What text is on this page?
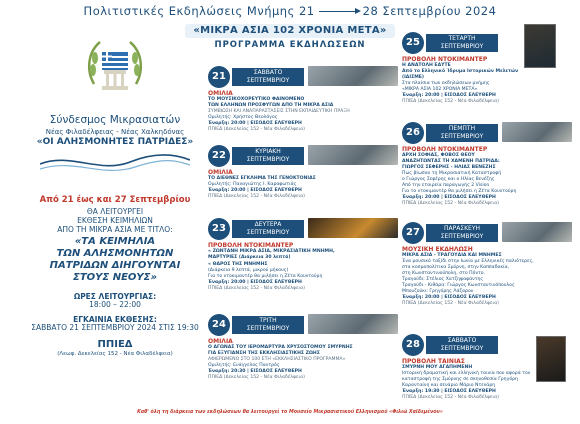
Πολιτιστικές Εκδηλώσεις Μνήμης 21	28 Σεπτεμβρίου 2024
«ΜΙΚΡΑ ΑΣΙΑ 102 ΧΡΟΝΙΑ ΜΕΤΑ»
ΠΡΟΓΡΑΜΜΑ ΕΚΔΗΛΩΣΕΩΝ
Σύνδεσμος Μικρασιατών
Νέας Φιλαδέλφειας - Νέας Χαλκηδόνας
«ΟΙ ΑΛΗΣΜΟΝΗΤΕΣ ΠΑΤΡΙΔΕΣ»
Από 21 έως και 27 Σεπτεμβρίου
ΘΑ ΛΕΙΤΟΥΡΓΕΙ
ΕΚΘΕΣΗ ΚΕΙΜΗΛΙΩΝ
ΑΠΟ ΤΗ ΜΙΚΡΑ ΑΣΙΑ ΜΕ ΤΙΤΛΟ:
«ΤΑ ΚΕΙΜΗΛΙΑ
ΤΩΝ ΑΛΗΣΜΟΝΗΤΩΝ
ΠΑΤΡΙΔΩΝ ΔΙΗΓΟΥΝΤΑΙ
ΣΤΟΥΣ ΝΕΟΥΣ»
ΩΡΕΣ ΛΕΙΤΟΥΡΓΙΑΣ:
18:00 – 22:00
ΕΓΚΑΙΝΙΑ ΕΚΘΕΣΗΣ:
ΣΑΒΒΑΤΟ 21 ΣΕΠΤΕΜΒΡΙΟΥ 2024 ΣΤΙΣ 19:30
ΠΠΙΕΔ
(Λεωφ. Δεκελείας 152 - Νέα Φιλαδέλφεια)
21	ΣΑΒΒΑΤΟ
ΣΕΠΤΕΜΒΡΙΟΥ
ΟΜΙΛΙΑ
ΤΟ ΜΟΥΣΙΚΟΧΟΡΕΥΤΙΚΟ ΦΑΙΝΟΜΕΝΟ
ΤΩΝ ΕΛΛΗΝΩΝ ΠΡΟΣΦΥΓΩΝ ΑΠΟ ΤΗ ΜΙΚΡΑ ΑΣΙΑ
ΣΥΜΒΙΩΣΗ ΚΑΙ ΑΝΑΠΑΡΑΣΤΑΣΕΙΣ ΣΤΗΝ ΕΚΠΑΙΔΕΥΤΙΚΗ ΠΡΑΞΗ
Ομιλητής: Χρήστος Θεολόγος
Έναρξη: 20:00 | ΕΙΣΟΔΟΣ ΕΛΕΥΘΕΡΗ
ΠΠΙΕΔ (Δεκελείας 152 - Νέα Φιλαδέλφεια)
22	ΚΥΡΙΑΚΗ
ΣΕΠΤΕΜΒΡΙΟΥ
ΟΜΙΛΙΑ
ΤΟ ΔΙΕΘΝΕΣ ΕΓΚΛΗΜΑ ΤΗΣ ΓΕΝΟΚΤΟΝΙΑΣ
Ομιλητής: Παναγιώτης Ι. Καραφωτιάς
Έναρξη: 20:00 | ΕΙΣΟΔΟΣ ΕΛΕΥΘΕΡΗ
ΠΠΙΕΔ (Δεκελείας 152 - Νέα Φιλαδέλφεια)
23	ΔΕΥΤΕΡΑ
ΣΕΠΤΕΜΒΡΙΟΥ
ΠΡΟΒΟΛΗ ΝΤΟΚΙΜΑΝΤΕΡ
« ΖΩΝΤΑΝΗ ΜΙΚΡΑ ΑΣΙΑ, ΜΙΚΡΑΣΙΑΤΙΚΗ ΜΝΗΜΗ,
ΜΑΡΤΥΡΙΕΣ (Διάρκεια 30 λεπτά)
« ΘΑΡΟΣ ΤΗΣ ΜΝΗΜΗΣ
(Διάρκεια 9 λεπτά, μικρού μήκους)
Για το ντοκιμαντέρ θα μιλήσει η Ζέτα Κουντούρη
Έναρξη: 20:00 | ΕΙΣΟΔΟΣ ΕΛΕΥΘΕΡΗ
ΠΠΙΕΔ (Δεκελείας 152 - Νέα Φιλαδέλφεια)
24	ΤΡΙΤΗ
ΣΕΠΤΕΜΒΡΙΟΥ
ΟΜΙΛΙΑ
Ο ΑΓΩΝΑΣ ΤΟΥ ΙΕΡΟΜΑΡΤΥΡΑ ΧΡΥΣΟΣΤΟΜΟΥ ΣΜΥΡΝΗΣ
ΓΙΑ ΕΞΥΓΙΑΝΣΗ ΤΗΣ ΕΚΚΛΗΣΙΑΣΤΙΚΗΣ ΖΩΗΣ
ΑΦΙΕΡΩΜΕΝΟ ΣΤΟ 100 ΕΤΗ «ΕΚΚΛΗΣΙΑΣΤΙΚΟ ΠΡΟΓΡΑΜΜΑ»
Ομιλητής: Ευάγγελος Παντρός
Έναρξη: 20:30 | ΕΙΣΟΔΟΣ ΕΛΕΥΘΕΡΗ
ΠΠΙΕΔ (Δεκελείας 152 - Νέα Φιλαδέλφεια)
25	ΤΕΤΑΡΤΗ
ΣΕΠΤΕΜΒΡΙΟΥ
ΠΡΟΒΟΛΗ ΝΤΟΚΙΜΑΝΤΕΡ
Η ΑΝΑΤΟΛΗ ΕΑΥΤΕ
Από το Ελληνικό Ίδρυμα Ιστορικών Μελετών
(ΙΔΙΣΜΕ)
Στα πλαίσια των εκδηλώσεων μνήμης
«ΜΙΚΡΑ ΑΣΙΑ 102 ΧΡΟΝΙΑ ΜΕΤΑ»
Έναρξη: 20:00 | ΕΙΣΟΔΟΣ ΕΛΕΥΘΕΡΗ
ΠΠΙΕΔ (Δεκελείας 152 - Νέα Φιλαδέλφεια)
26	ΠΕΜΠΤΗ
ΣΕΠΤΕΜΒΡΙΟΥ
ΠΡΟΒΟΛΗ ΝΤΟΚΙΜΑΝΤΕΡ
ΑΡΧΗ ΣΟΦΙΑΣ, ΦΟΒΟΣ ΘΕΟΥ
ΑΝΑΖΗΤΩΝΤΑΣ ΤΗ ΧΑΜΕΝΗ ΠΑΤΡΙΔΑ:
ΓΙΩΡΓΟΣ ΣΕΦΕΡΗΣ - ΗΛΙΑΣ ΒΕΝΕΖΗΣ
Πως βίωσαν τη Μικρασιατική Καταστροφή
ο Γιώργος Σεφέρης και ο Ηλίας Βενέζης
Από την εταιρεία παραγωγής 2 Vision
Για το ντοκιμαντέρ θα μιλήσει η Ζέτα Κουντούρη
Έναρξη: 20:00 | ΕΙΣΟΔΟΣ ΕΛΕΥΘΕΡΗ
ΠΠΙΕΔ (Δεκελείας 152 - Νέα Φιλαδέλφεια)
27	ΠΑΡΑΣΚΕΥΗ
ΣΕΠΤΕΜΒΡΙΟΥ
ΜΟΥΣΙΚΗ ΕΚΔΗΛΩΣΗ
ΜΙΚΡΑ ΑΣΙΑ - ΤΡΑΓΟΥΔΙΑ ΚΑΙ ΜΝΗΜΕΣ
Ένα μουσικό ταξίδι στην Ιωνία με Ελληνικές παλιότερες,
στα κοσμοπολίτικα Σμύρνη, στην Καππαδοκία,
στη Κωνσταντινούπολη, στο Πόντο.
Τραγούδι: Στέλιος Χατζηφαφάντης
Τραγούδι - Κιθάρα: Γιώργος Κωνσταντινόπουλος
Μπουζούκι: Γρηγόρης Λάζαρου
Έναρξη: 20:00 | ΕΙΣΟΔΟΣ ΕΛΕΥΘΕΡΗ
ΠΠΙΕΔ (Δεκελείας 152 - Νέα Φιλαδέλφεια)
28	ΣΑΒΒΑΤΟ
ΣΕΠΤΕΜΒΡΙΟΥ
ΠΡΟΒΟΛΗ ΤΑΙΝΙΑΣ
ΣΜΥΡΝΗ ΜΟΥ ΑΓΑΠΗΜΕΝΗ
Ιστορική δραματική και ελληνική ταινία που αφορά τον
καταστροφή της Σμύρνης σε σκηνοθεσία Γρηγόρη
Καρανταίνη και σενάριο Μάριο Ντενάρη
Έναρξη: 19:30 | ΕΙΣΟΔΟΣ ΕΛΕΥΘΕΡΗ
ΠΠΙΕΔ (Δεκελείας 152 - Νέα Φιλαδέλφεια)
Καθ' όλη τη διάρκεια των εκδηλώσεων θα λειτουργεί το Μουσείο Μικρασιατικού Ελληνισμού «Φιλιώ Χαϊδεμένου»
